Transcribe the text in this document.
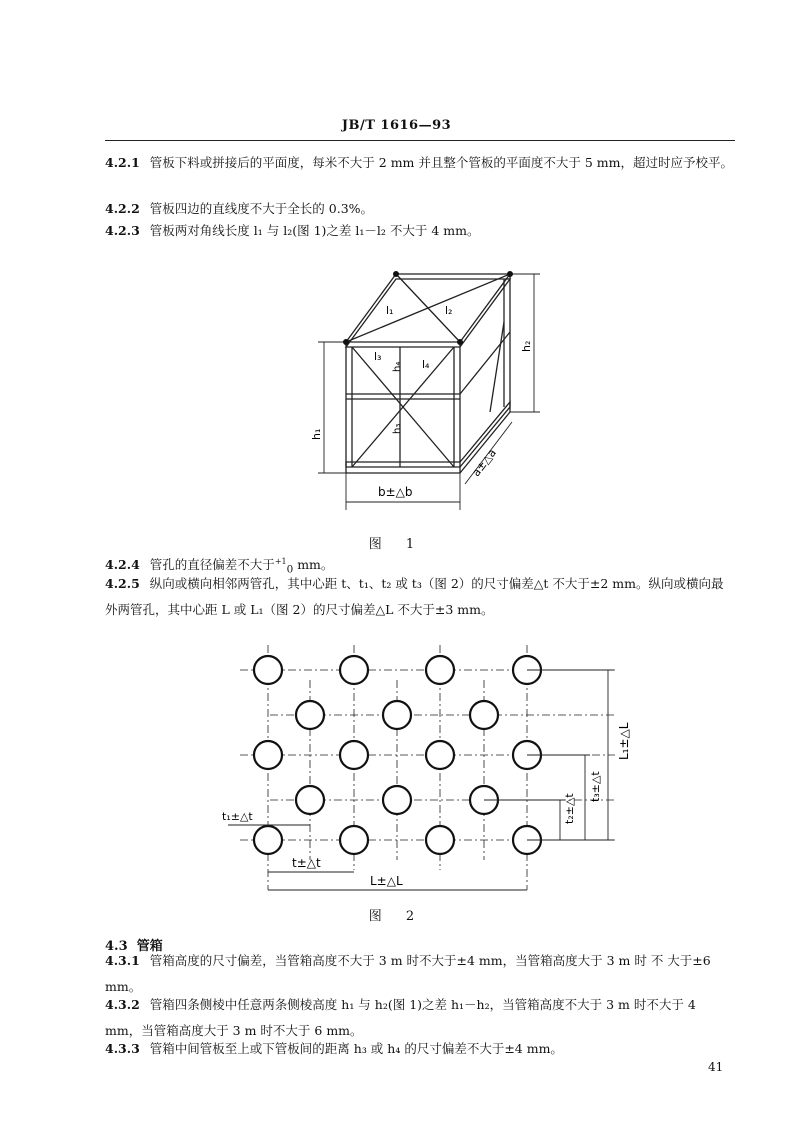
JB/T 1616—93

4.2.1 管板下料或拼接后的平面度，每米不大于 2 mm 并且整个管板的平面度不大于 5 mm，超过时应予校平。

4.2.2 管板四边的直线度不大于全长的 0.3%。

4.2.3 管板两对角线长度 l₁ 与 l₂(图 1)之差 l₁－l₂ 不大于 4 mm。

l₁	l₂
l₃
l₄
h₄
h₃
h₂
h₁
b±△b
a±△a
图 1

4.2.4 管孔的直径偏差不大于$^{+1}_0$ mm。

4.2.5 纵向或横向相邻两管孔，其中心距 t、t₁、t₂ 或 t₃（图 2）的尺寸偏差△t 不大于±2 mm。纵向或横向最外两管孔，其中心距 L 或 L₁（图 2）的尺寸偏差△L 不大于±3 mm。

t₁±△t
t±△t
L±△L
L₁±△L
t₃±△t
t₂±△t
图 2
4.3 管箱

4.3.1 管箱高度的尺寸偏差，当管箱高度不大于 3 m 时不大于±4 mm，当管箱高度大于 3 m 时 不 大于±6 mm。

4.3.2 管箱四条侧棱中任意两条侧棱高度 h₁ 与 h₂(图 1)之差 h₁－h₂，当管箱高度不大于 3 m 时不大于 4 mm，当管箱高度大于 3 m 时不大于 6 mm。

4.3.3 管箱中间管板至上或下管板间的距离 h₃ 或 h₄ 的尺寸偏差不大于±4 mm。

41
